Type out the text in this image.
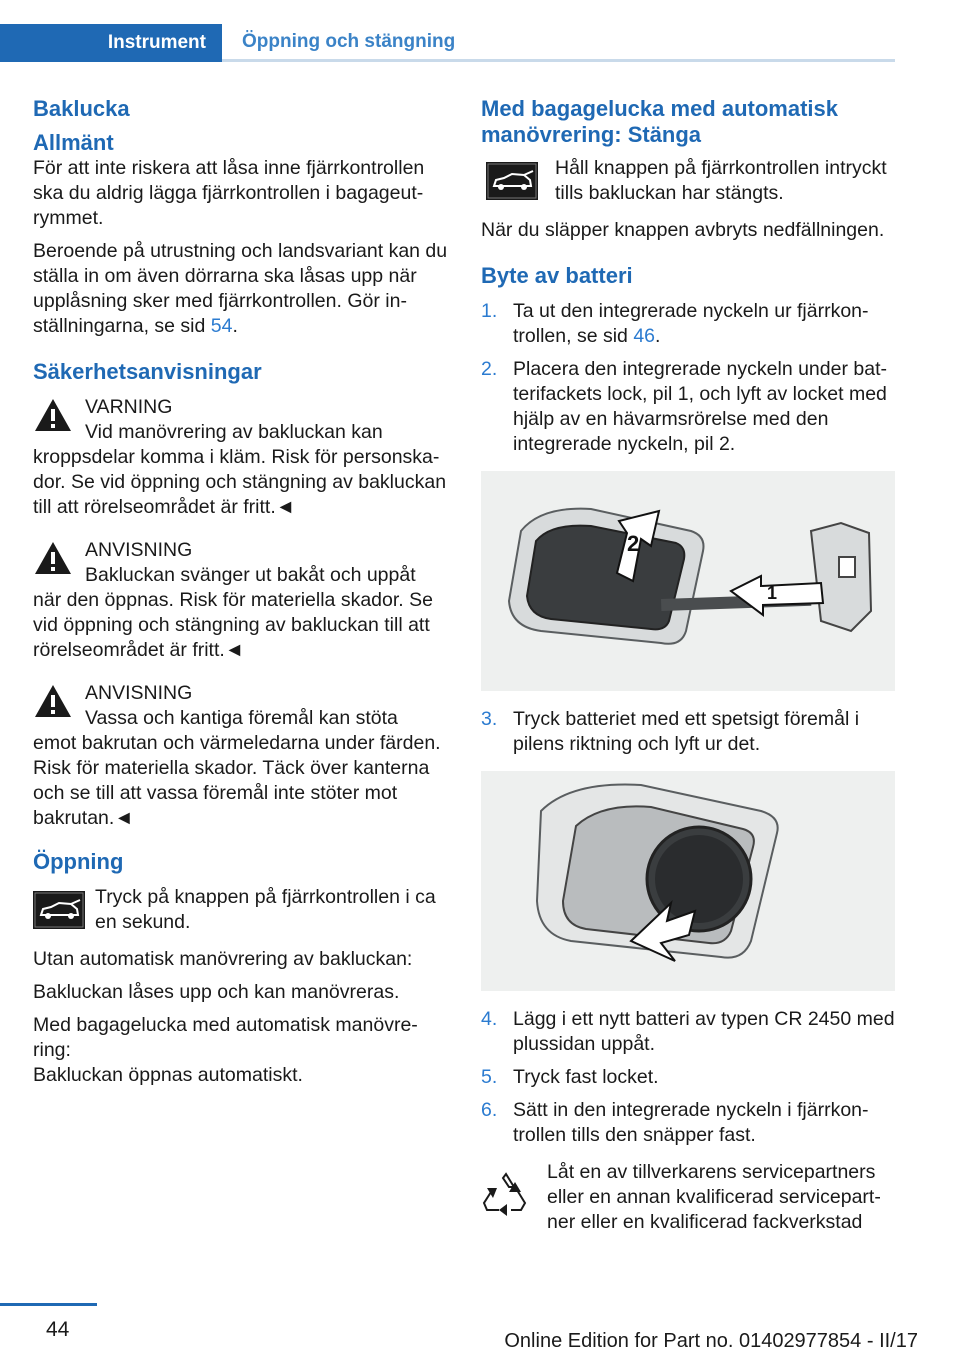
Instrument	Öppning och stängning
Baklucka
Allmänt

För att inte riskera att låsa inne fjärrkontrollen ska du aldrig lägga fjärrkontrollen i bagageutrymmet.

Beroende på utrustning och landsvariant kan du ställa in om även dörrarna ska låsas upp när upplåsning sker med fjärrkontrollen. Gör inställningarna, se sid 54.

Säkerhetsanvisningar
VARNING
Vid manövrering av bakluckan kan
kroppsdelar komma i kläm. Risk för personskador. Se vid öppning och stängning av bakluckan till att rörelseområdet är fritt.◄
ANVISNING
Bakluckan svänger ut bakåt och uppåt
när den öppnas. Risk för materiella skador. Se vid öppning och stängning av bakluckan till att rörelseområdet är fritt.◄
ANVISNING
Vassa och kantiga föremål kan stöta
emot bakrutan och värmeledarna under färden. Risk för materiella skador. Täck över kanterna och se till att vassa föremål inte stöter mot bakrutan.◄
Öppning
Tryck på knappen på fjärrkontrollen i ca en sekund.

Utan automatisk manövrering av bakluckan:

Bakluckan låses upp och kan manövreras.

Med bagagelucka med automatisk manövrering:

Bakluckan öppnas automatiskt.

Med bagagelucka med automatisk manövrering: Stänga
Håll knappen på fjärrkontrollen intryckt tills bakluckan har stängts.

När du släpper knappen avbryts nedfällningen.

Byte av batteri
1. Ta ut den integrerade nyckeln ur fjärrkontrollen, se sid 46.
2. Placera den integrerade nyckeln under batterifackets lock, pil 1, och lyft av locket med hjälp av en hävarmsrörelse med den integrerade nyckeln, pil 2.
2
1
3. Tryck batteriet med ett spetsigt föremål i pilens riktning och lyft ur det.
4. Lägg i ett nytt batteri av typen CR 2450 med plussidan uppåt.
5. Tryck fast locket.
6. Sätt in den integrerade nyckeln i fjärrkontrollen tills den snäpper fast.
Låt en av tillverkarens servicepartners eller en annan kvalificerad servicepartner eller en kvalificerad fackverkstad
44	Online Edition for Part no. 01402977854 - II/17
